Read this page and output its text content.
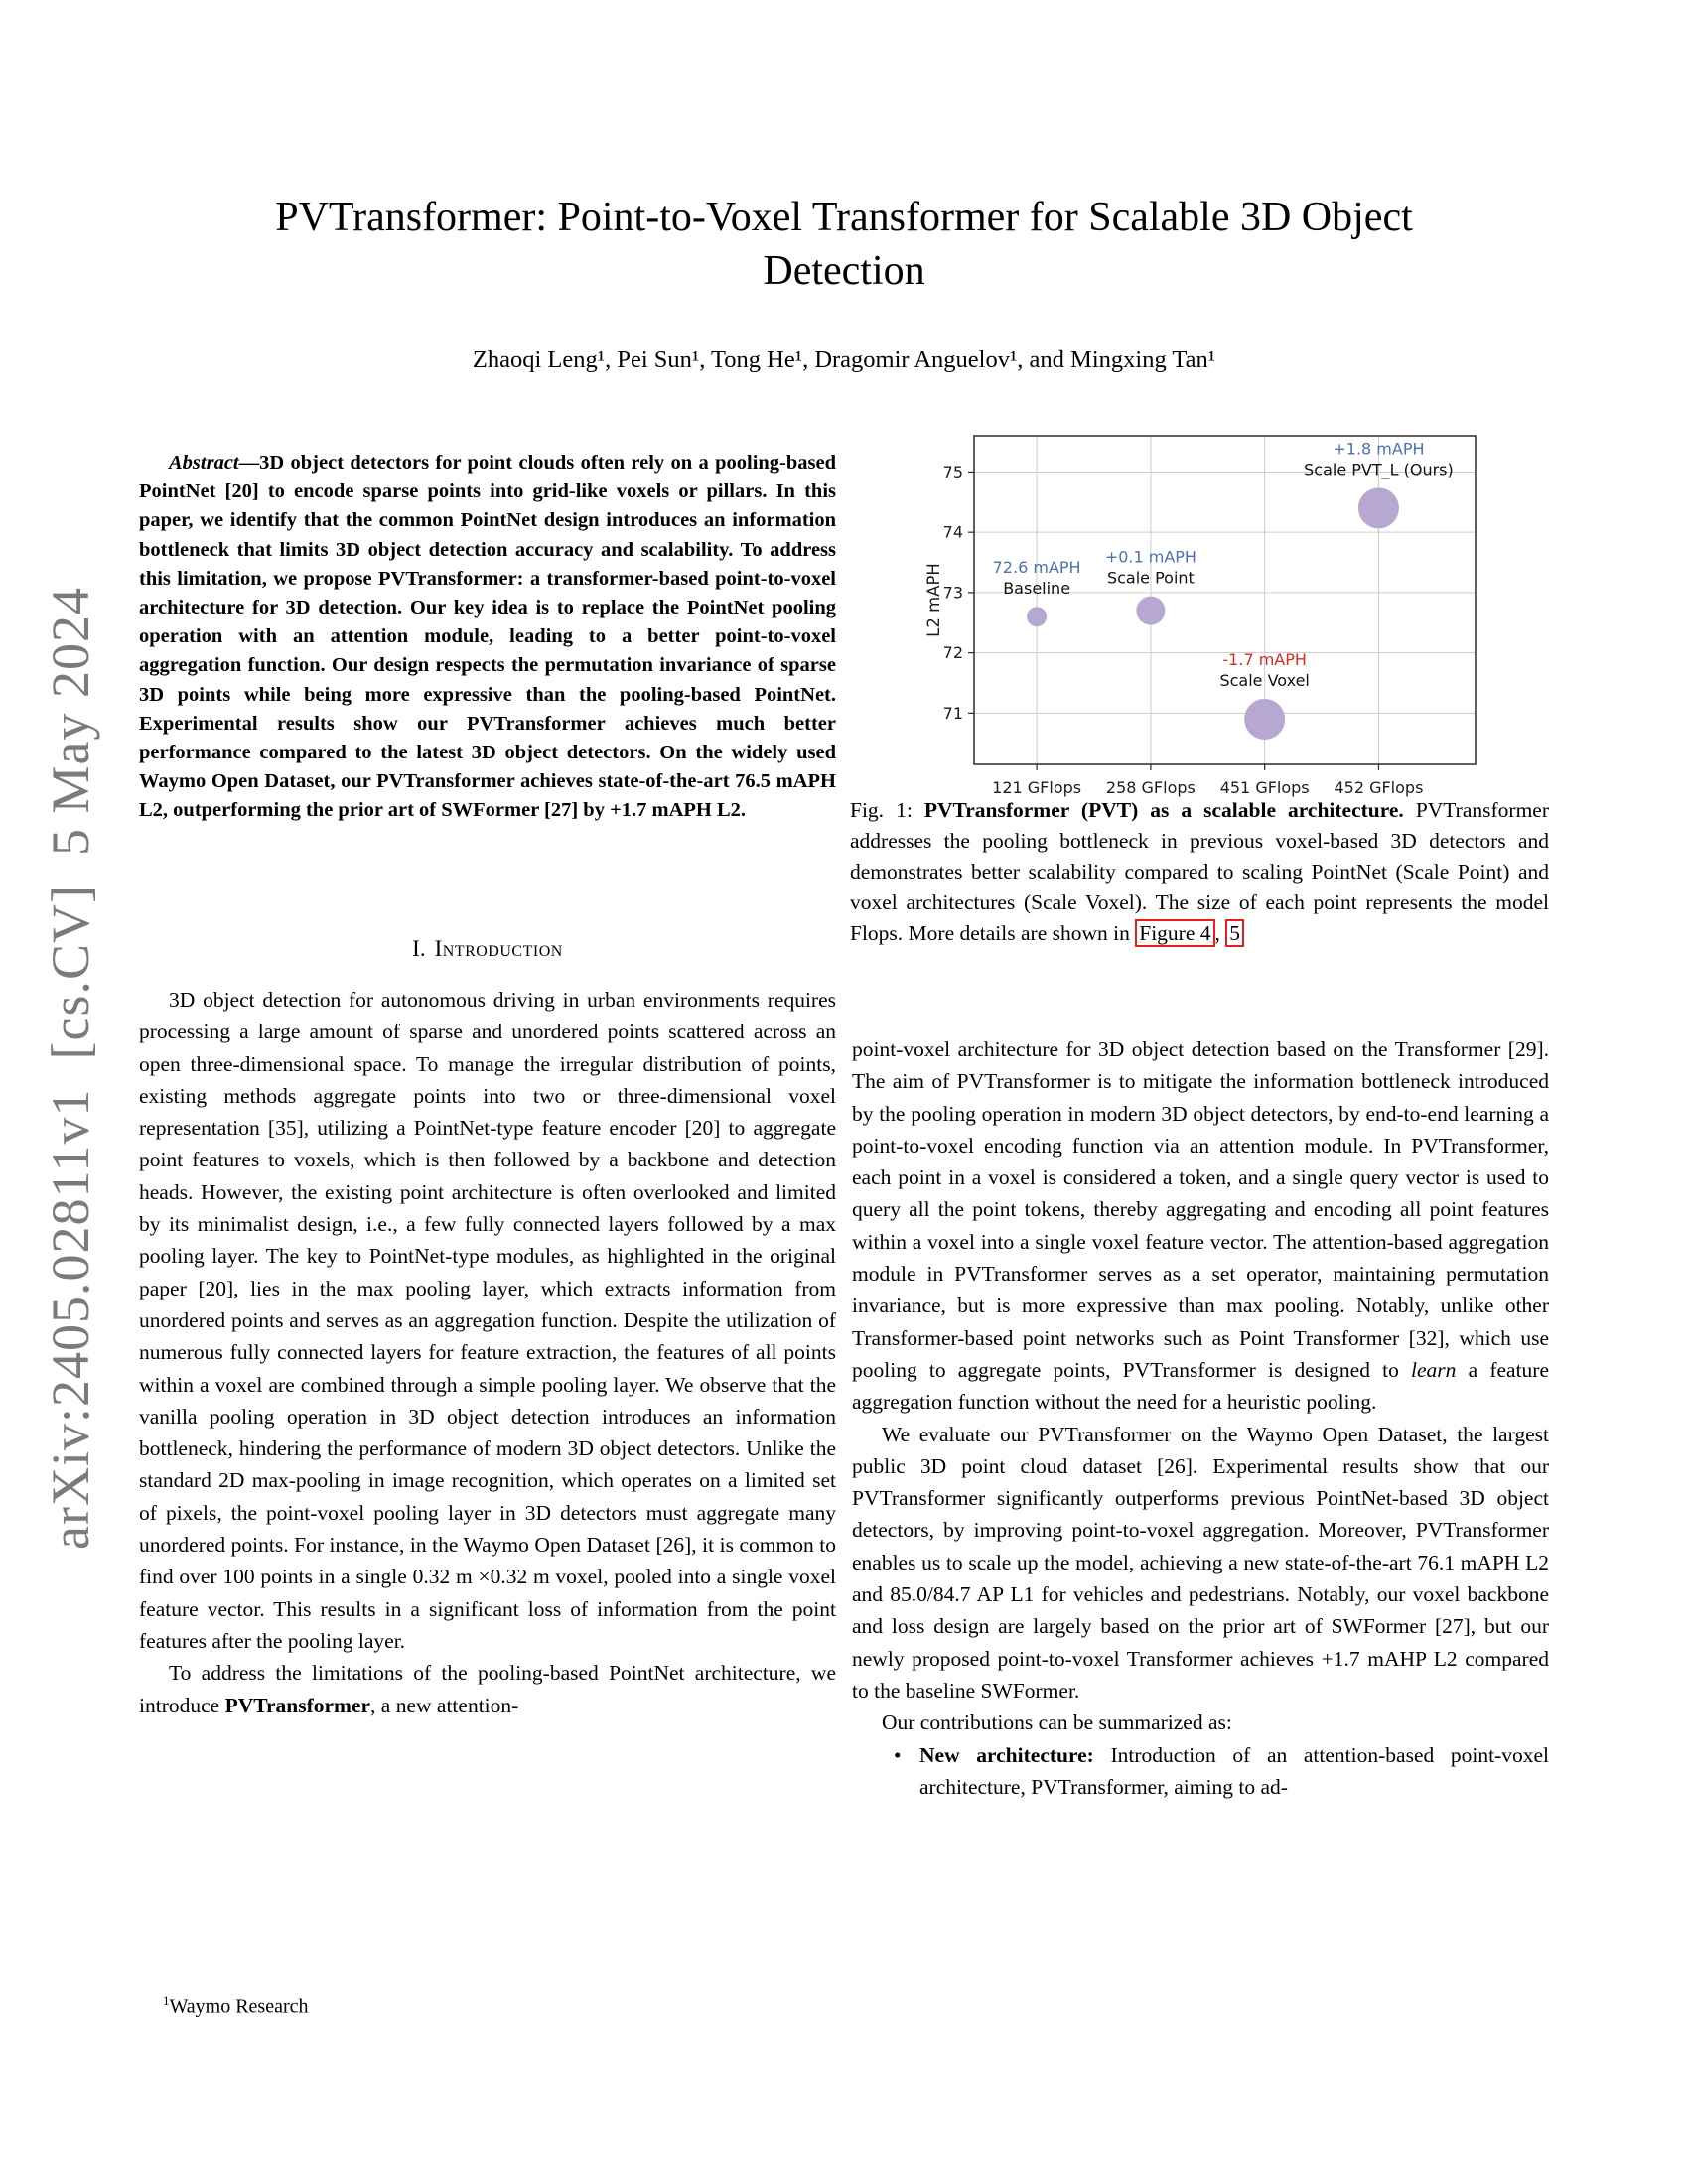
arXiv:2405.02811v1  [cs.CV]  5 May 2024
PVTransformer: Point-to-Voxel Transformer for Scalable 3D Object
Detection
Zhaoqi Leng¹, Pei Sun¹, Tong He¹, Dragomir Anguelov¹, and Mingxing Tan¹

Abstract—3D object detectors for point clouds often rely on a pooling-based PointNet [20] to encode sparse points into grid-like voxels or pillars. In this paper, we identify that the common PointNet design introduces an information bottleneck that limits 3D object detection accuracy and scalability. To address this limitation, we propose PVTransformer: a transformer-based point-to-voxel architecture for 3D detection. Our key idea is to replace the PointNet pooling operation with an attention module, leading to a better point-to-voxel aggregation function. Our design respects the permutation invariance of sparse 3D points while being more expressive than the pooling-based PointNet. Experimental results show our PVTransformer achieves much better performance compared to the latest 3D object detectors. On the widely used Waymo Open Dataset, our PVTransformer achieves state-of-the-art 76.5 mAPH L2, outperforming the prior art of SWFormer [27] by +1.7 mAPH L2.

I. Introduction

3D object detection for autonomous driving in urban environments requires processing a large amount of sparse and unordered points scattered across an open three-dimensional space. To manage the irregular distribution of points, existing methods aggregate points into two or three-dimensional voxel representation [35], utilizing a PointNet-type feature encoder [20] to aggregate point features to voxels, which is then followed by a backbone and detection heads. However, the existing point architecture is often overlooked and limited by its minimalist design, i.e., a few fully connected layers followed by a max pooling layer. The key to PointNet-type modules, as highlighted in the original paper [20], lies in the max pooling layer, which extracts information from unordered points and serves as an aggregation function. Despite the utilization of numerous fully connected layers for feature extraction, the features of all points within a voxel are combined through a simple pooling layer. We observe that the vanilla pooling operation in 3D object detection introduces an information bottleneck, hindering the performance of modern 3D object detectors. Unlike the standard 2D max-pooling in image recognition, which operates on a limited set of pixels, the point-voxel pooling layer in 3D detectors must aggregate many unordered points. For instance, in the Waymo Open Dataset [26], it is common to find over 100 points in a single 0.32 m ×0.32 m voxel, pooled into a single voxel feature vector. This results in a significant loss of information from the point features after the pooling layer.

To address the limitations of the pooling-based PointNet architecture, we introduce PVTransformer, a new attention-

$^1$Waymo Research
71
72
73
74
75
121 GFlops 258 GFlops 451 GFlops 452 GFlops
L2 mAPH	72.6 mAPH
Baseline
+0.1 mAPH
Scale Point
-1.7 mAPH
Scale Voxel
+1.8 mAPH
Scale PVT_L (Ours)

Fig. 1: PVTransformer (PVT) as a scalable architecture. PVTransformer addresses the pooling bottleneck in previous voxel-based 3D detectors and demonstrates better scalability compared to scaling PointNet (Scale Point) and voxel architectures (Scale Voxel). The size of each point represents the model Flops. More details are shown in Figure 4 , 5

point-voxel architecture for 3D object detection based on the Transformer [29]. The aim of PVTransformer is to mitigate the information bottleneck introduced by the pooling operation in modern 3D object detectors, by end-to-end learning a point-to-voxel encoding function via an attention module. In PVTransformer, each point in a voxel is considered a token, and a single query vector is used to query all the point tokens, thereby aggregating and encoding all point features within a voxel into a single voxel feature vector. The attention-based aggregation module in PVTransformer serves as a set operator, maintaining permutation invariance, but is more expressive than max pooling. Notably, unlike other Transformer-based point networks such as Point Transformer [32], which use pooling to aggregate points, PVTransformer is designed to learn a feature aggregation function without the need for a heuristic pooling.

We evaluate our PVTransformer on the Waymo Open Dataset, the largest public 3D point cloud dataset [26]. Experimental results show that our PVTransformer significantly outperforms previous PointNet-based 3D object detectors, by improving point-to-voxel aggregation. Moreover, PVTransformer enables us to scale up the model, achieving a new state-of-the-art 76.1 mAPH L2 and 85.0/84.7 AP L1 for vehicles and pedestrians. Notably, our voxel backbone and loss design are largely based on the prior art of SWFormer [27], but our newly proposed point-to-voxel Transformer achieves +1.7 mAHP L2 compared to the baseline SWFormer.

Our contributions can be summarized as:

• New architecture: Introduction of an attention-based point-voxel architecture, PVTransformer, aiming to ad-
